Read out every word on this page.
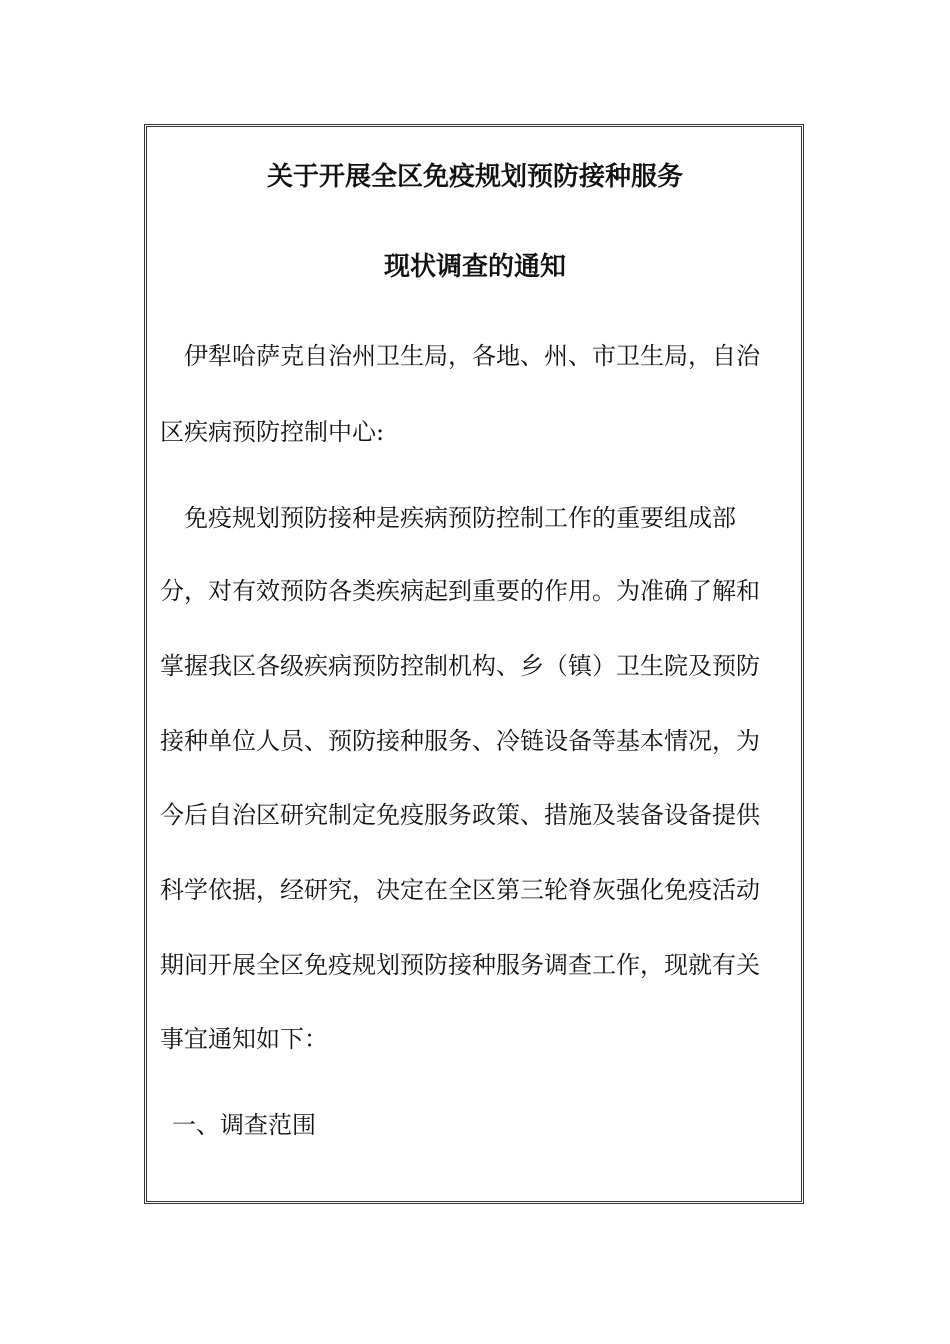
关于开展全区免疫规划预防接种服务
现状调查的通知
伊犁哈萨克自治州卫生局，各地、州、市卫生局，自治
区疾病预防控制中心:
免疫规划预防接种是疾病预防控制工作的重要组成部
分，对有效预防各类疾病起到重要的作用。为准确了解和
掌握我区各级疾病预防控制机构、乡（镇）卫生院及预防
接种单位人员、预防接种服务、冷链设备等基本情况，为
今后自治区研究制定免疫服务政策、措施及装备设备提供
科学依据，经研究，决定在全区第三轮脊灰强化免疫活动
期间开展全区免疫规划预防接种服务调查工作，现就有关
事宜通知如下：
一、调查范围
